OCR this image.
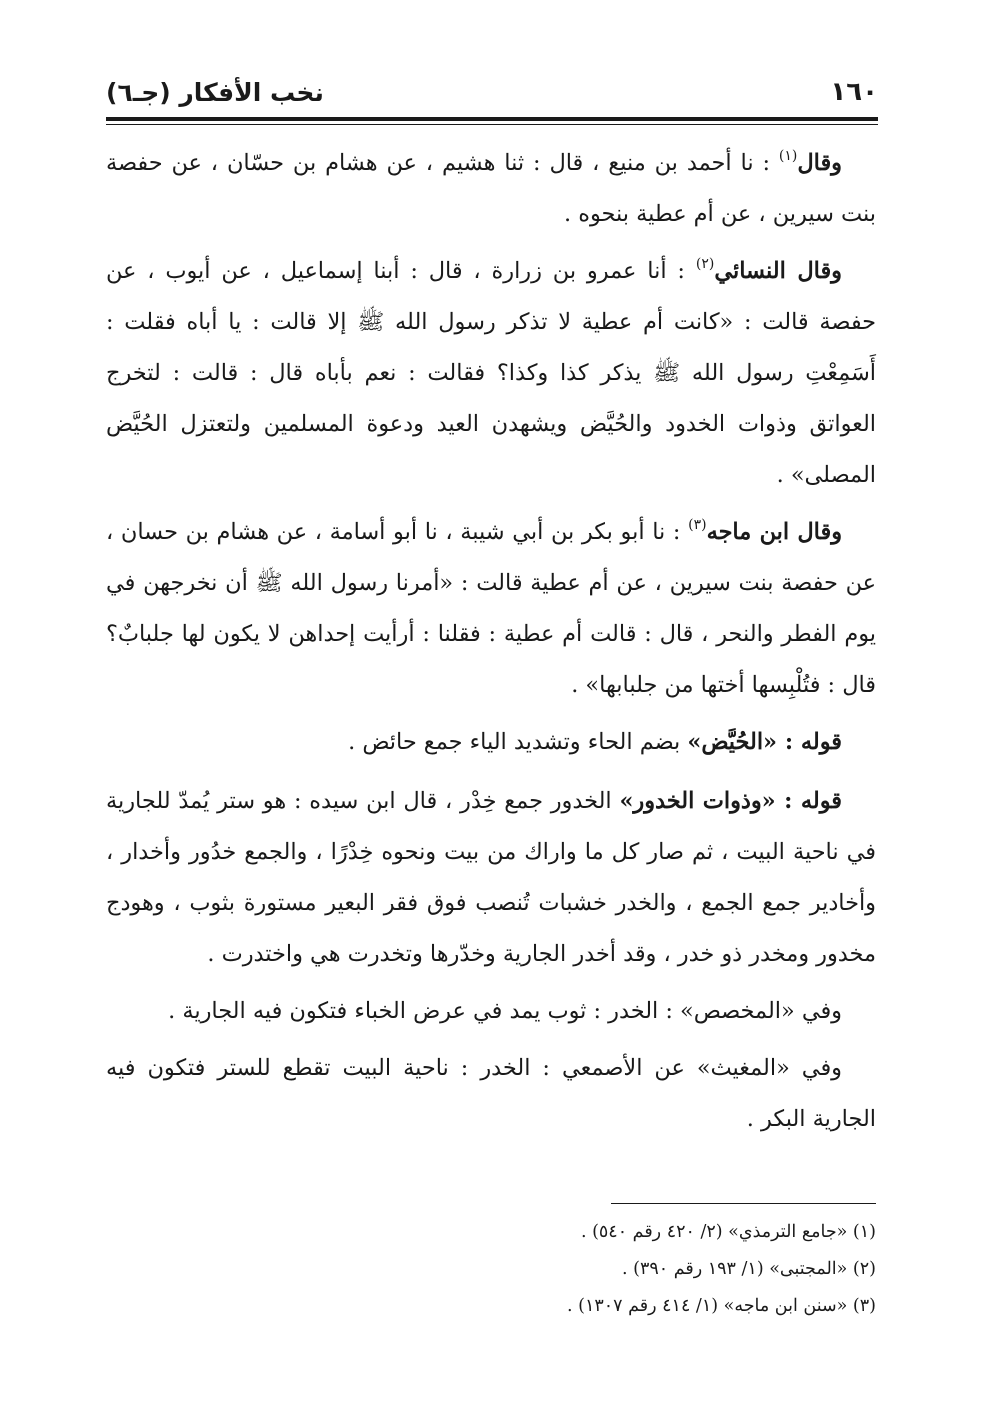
١٦٠
نخب الأفكار (جـ٦)

وقال$^{(١)}$ : نا أحمد بن منيع ، قال : ثنا هشيم ، عن هشام بن حسّان ، عن حفصة بنت سيرين ، عن أم عطية بنحوه .

وقال النسائي$^{(٢)}$ : أنا عمرو بن زرارة ، قال : أبنا إسماعيل ، عن أيوب ، عن حفصة قالت : «كانت أم عطية لا تذكر رسول الله ﷺ إلا قالت : يا أباه فقلت : أَسَمِعْتِ رسول الله ﷺ يذكر كذا وكذا؟ فقالت : نعم بأباه قال : قالت : لتخرج العواتق وذوات الخدود والحُيَّض ويشهدن العيد ودعوة المسلمين ولتعتزل الحُيَّض المصلى» .

وقال ابن ماجه$^{(٣)}$ : نا أبو بكر بن أبي شيبة ، نا أبو أسامة ، عن هشام بن حسان ، عن حفصة بنت سيرين ، عن أم عطية قالت : «أمرنا رسول الله ﷺ أن نخرجهن في يوم الفطر والنحر ، قال : قالت أم عطية : فقلنا : أرأيت إحداهن لا يكون لها جلبابٌ؟ قال : فتُلْبِسها أختها من جلبابها» .

قوله : «الحُيَّض» بضم الحاء وتشديد الياء جمع حائض .

قوله : «وذوات الخدور» الخدور جمع خِدْر ، قال ابن سيده : هو ستر يُمدّ للجارية في ناحية البيت ، ثم صار كل ما واراك من بيت ونحوه خِدْرًا ، والجمع خدُور وأخدار ، وأخادير جمع الجمع ، والخدر خشبات تُنصب فوق فقر البعير مستورة بثوب ، وهودج مخدور ومخدر ذو خدر ، وقد أخدر الجارية وخدّرها وتخدرت هي واختدرت .

وفي «المخصص» : الخدر : ثوب يمد في عرض الخباء فتكون فيه الجارية .

وفي «المغيث» عن الأصمعي : الخدر : ناحية البيت تقطع للستر فتكون فيه الجارية البكر .

(١) «جامع الترمذي» (٢/ ٤٢٠ رقم ٥٤٠) .
(٢) «المجتبى» (١/ ١٩٣ رقم ٣٩٠) .
(٣) «سنن ابن ماجه» (١/ ٤١٤ رقم ١٣٠٧) .
